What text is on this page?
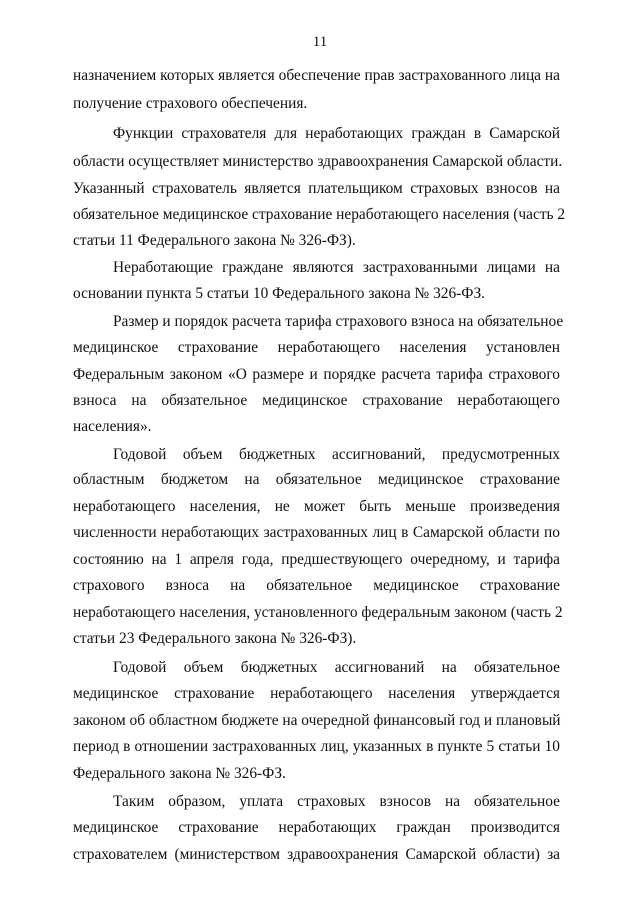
11
назначением которых является обеспечение прав застрахованного лица на
получение страхового обеспечения.
Функции страхователя для неработающих граждан в Самарской
области осуществляет министерство здравоохранения Самарской области.
Указанный страхователь является плательщиком страховых взносов на
обязательное медицинское страхование неработающего населения (часть 2
статьи 11 Федерального закона № 326-ФЗ).
Неработающие граждане являются застрахованными лицами на
основании пункта 5 статьи 10 Федерального закона № 326-ФЗ.
Размер и порядок расчета тарифа страхового взноса на обязательное
медицинское страхование неработающего населения установлен
Федеральным законом «О размере и порядке расчета тарифа страхового
взноса на обязательное медицинское страхование неработающего
населения».
Годовой объем бюджетных ассигнований, предусмотренных
областным бюджетом на обязательное медицинское страхование
неработающего населения, не может быть меньше произведения
численности неработающих застрахованных лиц в Самарской области по
состоянию на 1 апреля года, предшествующего очередному, и тарифа
страхового взноса на обязательное медицинское страхование
неработающего населения, установленного федеральным законом (часть 2
статьи 23 Федерального закона № 326-ФЗ).
Годовой объем бюджетных ассигнований на обязательное
медицинское страхование неработающего населения утверждается
законом об областном бюджете на очередной финансовый год и плановый
период в отношении застрахованных лиц, указанных в пункте 5 статьи 10
Федерального закона № 326-ФЗ.
Таким образом, уплата страховых взносов на обязательное
медицинское страхование неработающих граждан производится
страхователем (министерством здравоохранения Самарской области) за
